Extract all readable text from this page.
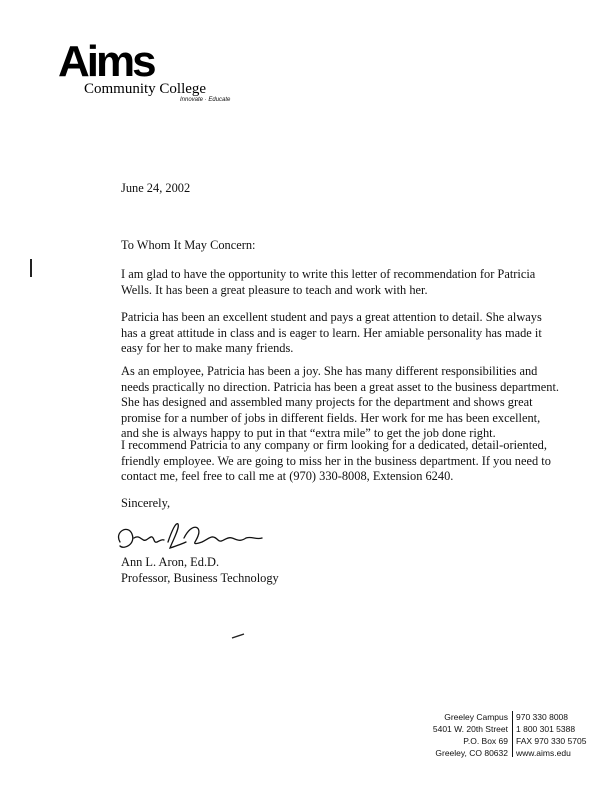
Aims
Community College
Innovate · Educate
June 24, 2002
To Whom It May Concern:

I am glad to have the opportunity to write this letter of recommendation for Patricia Wells. It has been a great pleasure to teach and work with her.

Patricia has been an excellent student and pays a great attention to detail. She always has a great attitude in class and is eager to learn. Her amiable personality has made it easy for her to make many friends.

As an employee, Patricia has been a joy. She has many different responsibilities and needs practically no direction. Patricia has been a great asset to the business department. She has designed and assembled many projects for the department and shows great promise for a number of jobs in different fields. Her work for me has been excellent, and she is always happy to put in that “extra mile” to get the job done right.

I recommend Patricia to any company or firm looking for a dedicated, detail-oriented, friendly employee. We are going to miss her in the business department. If you need to contact me, feel free to call me at (970) 330-8008, Extension 6240.

Sincerely,
Ann L. Aron, Ed.D.
Professor, Business Technology
Greeley Campus
5401 W. 20th Street
P.O. Box 69
Greeley, CO 80632
970 330 8008
1 800 301 5388
FAX 970 330 5705
www.aims.edu
